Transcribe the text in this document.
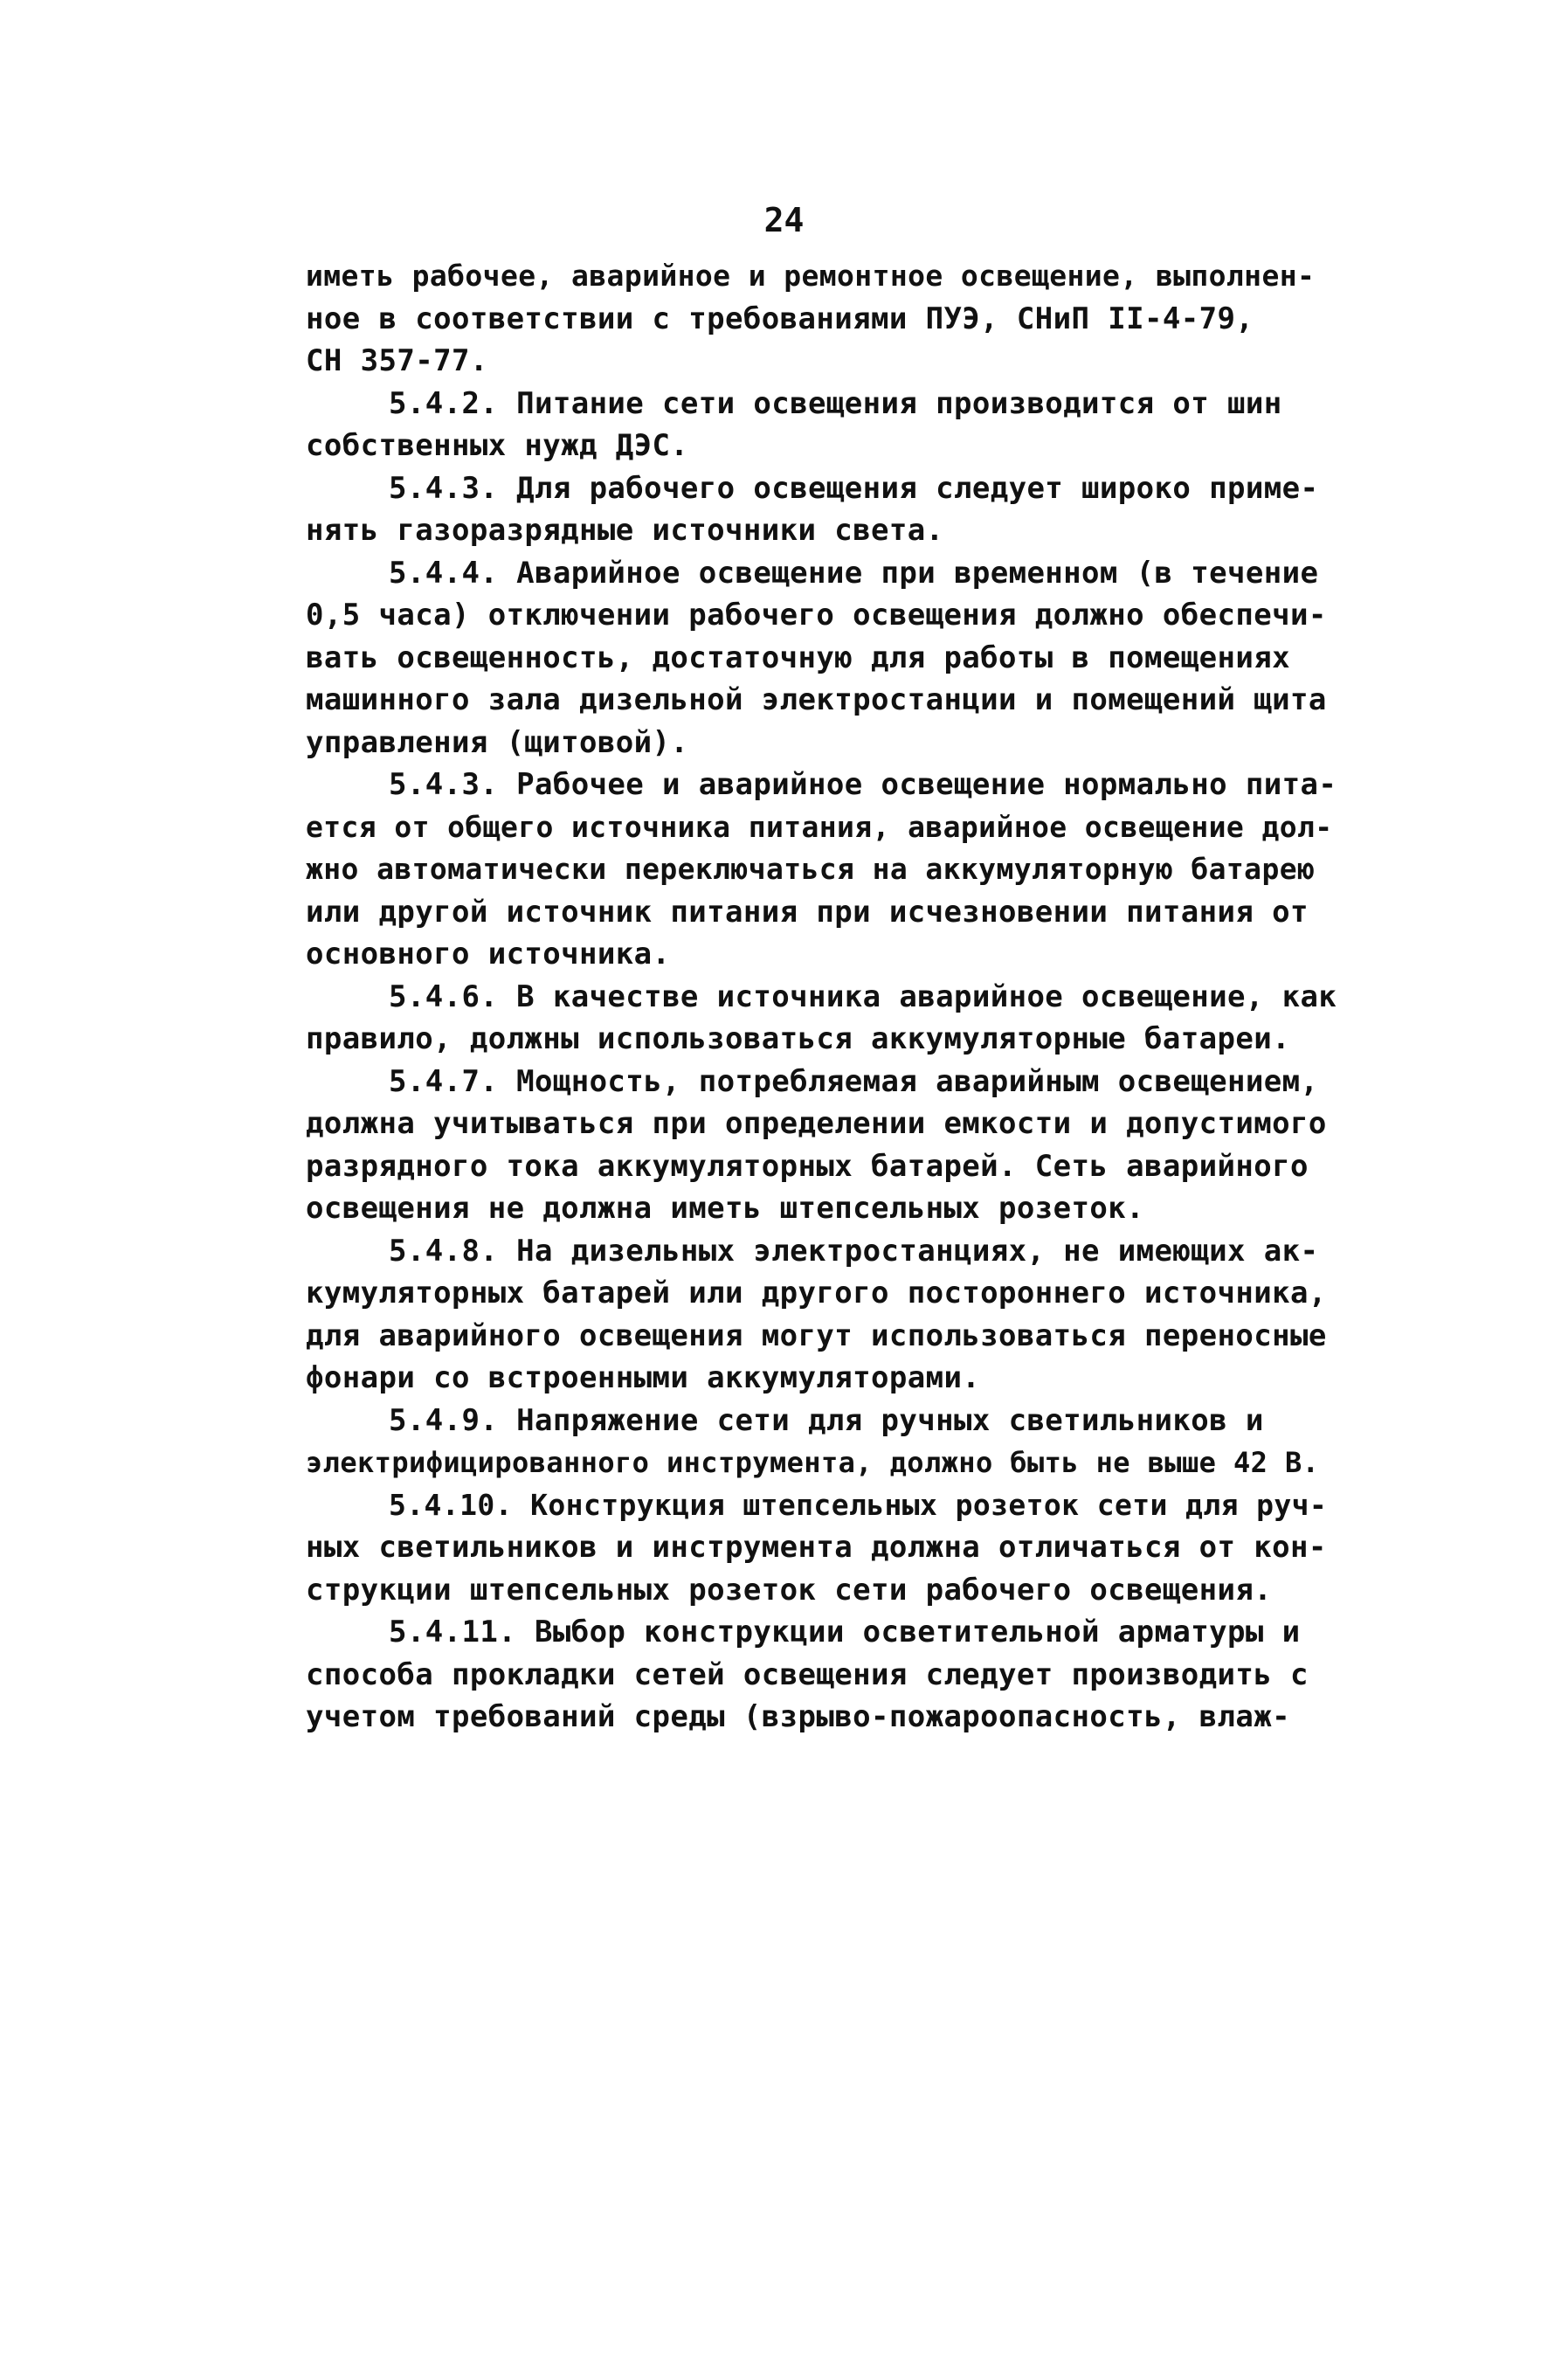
24
иметь рабочее, аварийное и ремонтное освещение, выполнен-
ное в соответствии с требованиями ПУЭ, СНиП II-4-79,
СН 357-77.
5.4.2. Питание сети освещения производится от шин
собственных нужд ДЭС.
5.4.3. Для рабочего освещения следует широко приме-
нять газоразрядные источники света.
5.4.4. Аварийное освещение при временном (в течение
0,5 часа) отключении рабочего освещения должно обеспечи-
вать освещенность, достаточную для работы в помещениях
машинного зала дизельной электростанции и помещений щита
управления (щитовой).
5.4.3. Рабочее и аварийное освещение нормально пита-
ется от общего источника питания, аварийное освещение дол-
жно автоматически переключаться на аккумуляторную батарею
или другой источник питания при исчезновении питания от
основного источника.
5.4.6. В качестве источника аварийное освещение, как
правило, должны использоваться аккумуляторные батареи.
5.4.7. Мощность, потребляемая аварийным освещением,
должна учитываться при определении емкости и допустимого
разрядного тока аккумуляторных батарей. Сеть аварийного
освещения не должна иметь штепсельных розеток.
5.4.8. На дизельных электростанциях, не имеющих ак-
кумуляторных батарей или другого постороннего источника,
для аварийного освещения могут использоваться переносные
фонари со встроенными аккумуляторами.
5.4.9. Напряжение сети для ручных светильников и
электрифицированного инструмента, должно быть не выше 42 В.
5.4.10. Конструкция штепсельных розеток сети для руч-
ных светильников и инструмента должна отличаться от кон-
струкции штепсельных розеток сети рабочего освещения.
5.4.11. Выбор конструкции осветительной арматуры и
способа прокладки сетей освещения следует производить с
учетом требований среды (взрыво-пожароопасность, влаж-
